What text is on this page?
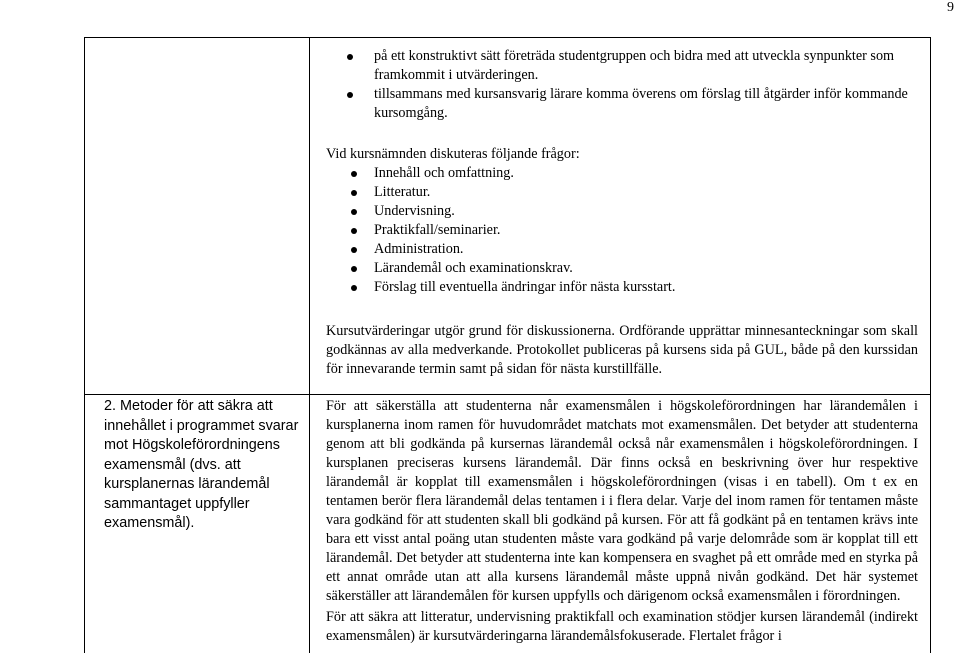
9
på ett konstruktivt sätt företräda studentgruppen och bidra med att utveckla synpunkter som framkommit i utvärderingen.
tillsammans med kursansvarig lärare komma överens om förslag till åtgärder inför kommande kursomgång.
Vid kursnämnden diskuteras följande frågor:
Innehåll och omfattning.
Litteratur.
Undervisning.
Praktikfall/seminarier.
Administration.
Lärandemål och examinationskrav.
Förslag till eventuella ändringar inför nästa kursstart.
Kursutvärderingar utgör grund för diskussionerna. Ordförande upprättar minnesanteckningar som skall godkännas av alla medverkande. Protokollet publiceras på kursens sida på GUL, både på den kurssidan för innevarande termin samt på sidan för nästa kurstillfälle.
2. Metoder för att säkra att innehållet i programmet svarar mot Högskoleförordningens examensmål (dvs. att kursplanernas lärandemål sammantaget uppfyller examensmål).
För att säkerställa att studenterna når examensmålen i högskoleförordningen har lärandemålen i kursplanerna inom ramen för huvudområdet matchats mot examensmålen. Det betyder att studenterna genom att bli godkända på kursernas lärandemål också når examensmålen i högskoleförordningen. I kursplanen preciseras kursens lärandemål. Där finns också en beskrivning över hur respektive lärandemål är kopplat till examensmålen i högskoleförordningen (visas i en tabell). Om t ex en tentamen berör flera lärandemål delas tentamen i i flera delar. Varje del inom ramen för tentamen måste vara godkänd för att studenten skall bli godkänd på kursen. För att få godkänt på en tentamen krävs inte bara ett visst antal poäng utan studenten måste vara godkänd på varje delområde som är kopplat till ett lärandemål. Det betyder att studenterna inte kan kompensera en svaghet på ett område med en styrka på ett annat område utan att alla kursens lärandemål måste uppnå nivån godkänd. Det här systemet säkerställer att lärandemålen för kursen uppfylls och därigenom också examensmålen i förordningen.
För att säkra att litteratur, undervisning praktikfall och examination stödjer kursen lärandemål (indirekt examensmålen) är kursutvärderingarna lärandemålsfokuserade. Flertalet frågor i
